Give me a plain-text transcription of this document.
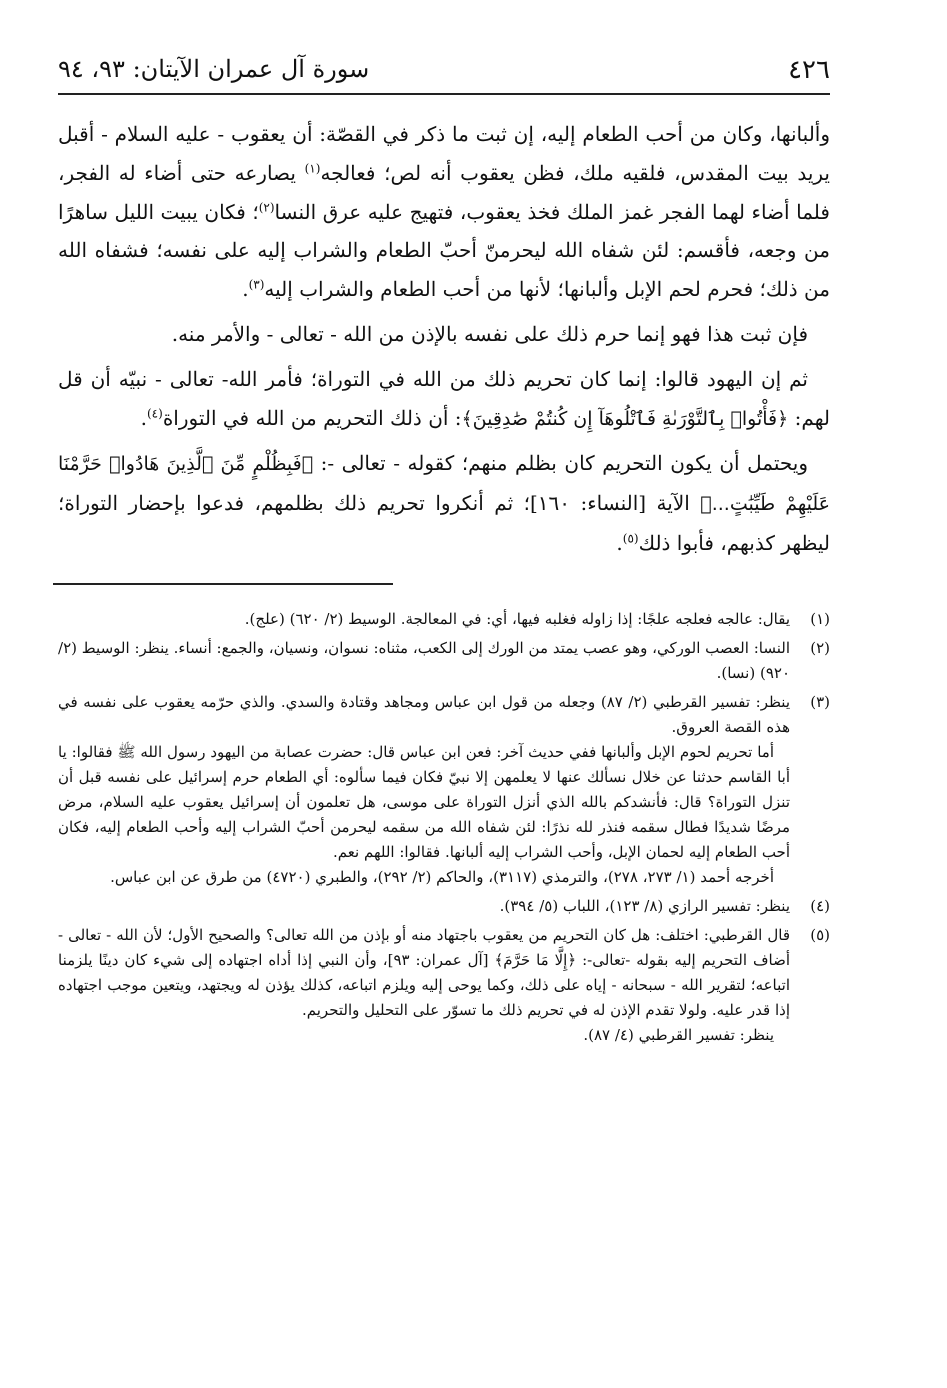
٤٢٦
سورة آل عمران الآيتان: ٩٣، ٩٤

وألبانها، وكان من أحب الطعام إليه، إن ثبت ما ذكر في القصّة: أن يعقوب - عليه السلام - أقبل يريد بيت المقدس، فلقيه ملك، فظن يعقوب أنه لص؛ فعالجه$^{(١)}$ يصارعه حتى أضاء له الفجر، فلما أضاء لهما الفجر غمز الملك فخذ يعقوب، فتهيج عليه عرق النسا$^{(٢)}$؛ فكان يبيت الليل ساهرًا من وجعه، فأقسم: لئن شفاه الله ليحرمنّ أحبّ الطعام والشراب إليه على نفسه؛ فشفاه الله من ذلك؛ فحرم لحم الإبل وألبانها؛ لأنها من أحب الطعام والشراب إليه$^{(٣)}$.

فإن ثبت هذا فهو إنما حرم ذلك على نفسه بالإذن من الله - تعالى - والأمر منه.

ثم إن اليهود قالوا: إنما كان تحريم ذلك من الله في التوراة؛ فأمر الله- تعالى - نبيّه أن قل لهم: ﴿فَأْتُوا۟ بِٱلتَّوْرَىٰةِ فَٱتْلُوهَآ إِن كُنتُمْ صَٰدِقِينَ﴾: أن ذلك التحريم من الله في التوراة$^{(٤)}$.

ويحتمل أن يكون التحريم كان بظلم منهم؛ كقوله - تعالى -: ﴿فَبِظُلْمٍ مِّنَ ٱلَّذِينَ هَادُوا۟ حَرَّمْنَا عَلَيْهِمْ طَيِّبَٰتٍ...﴾ الآية [النساء: ١٦٠]؛ ثم أنكروا تحريم ذلك بظلمهم، فدعوا بإحضار التوراة؛ ليظهر كذبهم، فأبوا ذلك$^{(٥)}$.

(١)

يقال: عالجه فعلجه علجًا: إذا زاوله فغلبه فيها، أي: في المعالجة. الوسيط (٢/ ٦٢٠) (علج).

(٢)

النسا: العصب الوركي، وهو عصب يمتد من الورك إلى الكعب، مثناه: نسوان، ونسيان، والجمع: أنساء. ينظر: الوسيط (٢/ ٩٢٠) (نسا).

(٣)

ينظر: تفسير القرطبي (٢/ ٨٧) وجعله من قول ابن عباس ومجاهد وقتادة والسدي. والذي حرّمه يعقوب على نفسه في هذه القصة العروق.

أما تحريم لحوم الإبل وألبانها ففي حديث آخر: فعن ابن عباس قال: حضرت عصابة من اليهود رسول الله ﷺ فقالوا: يا أبا القاسم حدثنا عن خلال نسألك عنها لا يعلمهن إلا نبيّ فكان فيما سألوه: أي الطعام حرم إسرائيل على نفسه قبل أن تنزل التوراة؟ قال: فأنشدكم بالله الذي أنزل التوراة على موسى، هل تعلمون أن إسرائيل يعقوب عليه السلام، مرض مرضًا شديدًا فطال سقمه فنذر لله نذرًا: لئن شفاه الله من سقمه ليحرمن أحبّ الشراب إليه وأحب الطعام إليه، فكان أحب الطعام إليه لحمان الإبل، وأحب الشراب إليه ألبانها. فقالوا: اللهم نعم.

أخرجه أحمد (١/ ٢٧٣، ٢٧٨)، والترمذي (٣١١٧)، والحاكم (٢/ ٢٩٢)، والطبري (٤٧٢٠) من طرق عن ابن عباس.

(٤)

ينظر: تفسير الرازي (٨/ ١٢٣)، اللباب (٥/ ٣٩٤).

(٥)

قال القرطبي: اختلف: هل كان التحريم من يعقوب باجتهاد منه أو بإذن من الله تعالى؟ والصحيح الأول؛ لأن الله - تعالى - أضاف التحريم إليه بقوله -تعالى-: ﴿إِلَّا مَا حَرَّمَ﴾ [آل عمران: ٩٣]، وأن النبي إذا أداه اجتهاده إلى شيء كان دينًا يلزمنا اتباعه؛ لتقرير الله - سبحانه - إياه على ذلك، وكما يوحى إليه ويلزم اتباعه، كذلك يؤذن له ويجتهد، ويتعين موجب اجتهاده إذا قدر عليه. ولولا تقدم الإذن له في تحريم ذلك ما تسوّر على التحليل والتحريم.

ينظر: تفسير القرطبي (٤/ ٨٧).
